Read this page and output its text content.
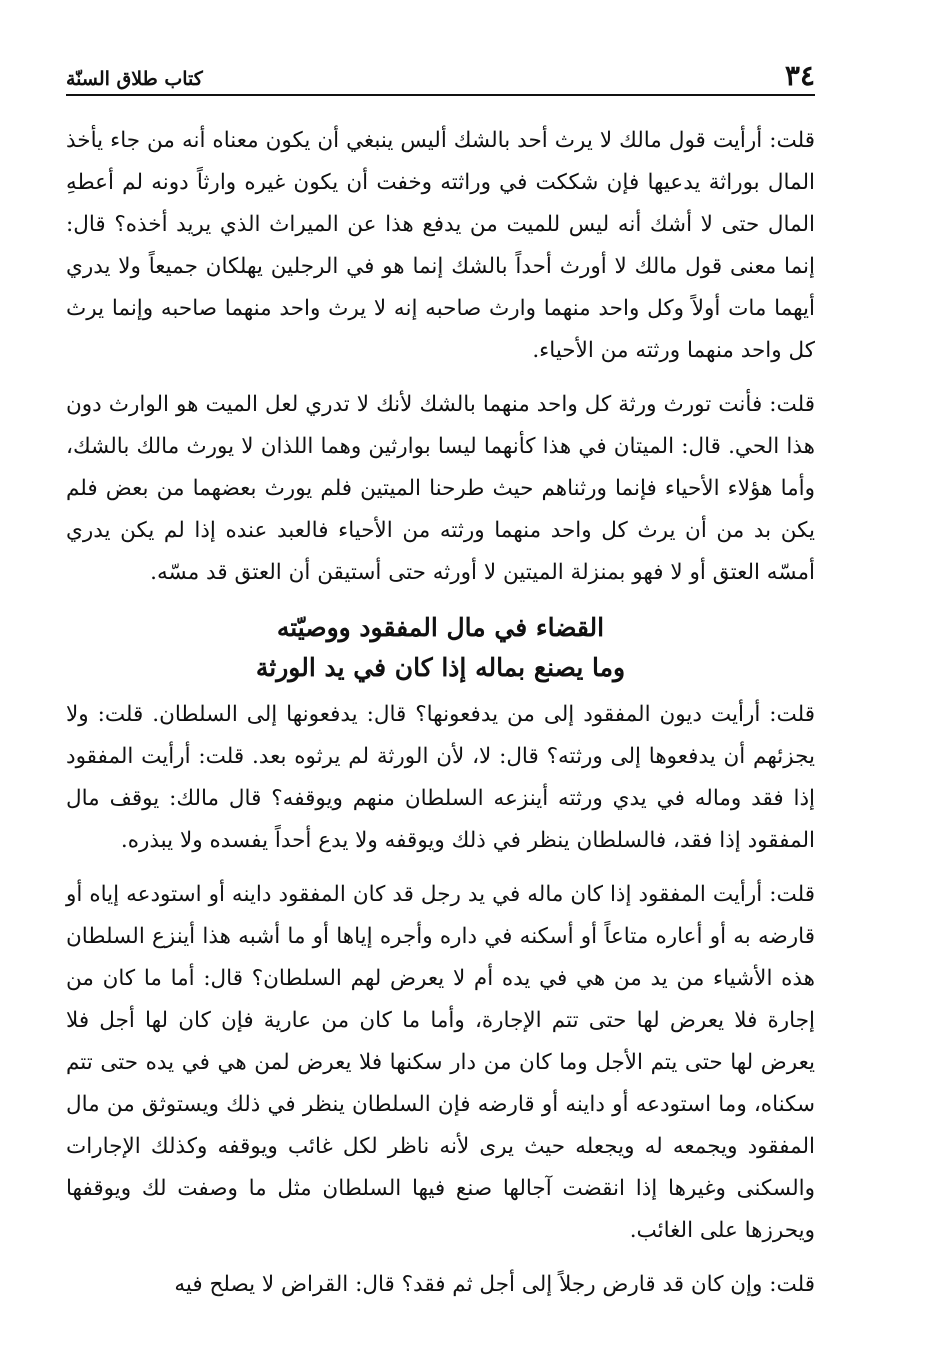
٣٤
كتاب طلاق السنّة

قلت: أرأيت قول مالك لا يرث أحد بالشك أليس ينبغي أن يكون معناه أنه من جاء يأخذ المال بوراثة يدعيها فإن شككت في وراثته وخفت أن يكون غيره وارثاً دونه لم أعطهِ المال حتى لا أشك أنه ليس للميت من يدفع هذا عن الميراث الذي يريد أخذه؟ قال: إنما معنى قول مالك لا أورث أحداً بالشك إنما هو في الرجلين يهلكان جميعاً ولا يدري أيهما مات أولاً وكل واحد منهما وارث صاحبه إنه لا يرث واحد منهما صاحبه وإنما يرث كل واحد منهما ورثته من الأحياء.

قلت: فأنت تورث ورثة كل واحد منهما بالشك لأنك لا تدري لعل الميت هو الوارث دون هذا الحي. قال: الميتان في هذا كأنهما ليسا بوارثين وهما اللذان لا يورث مالك بالشك، وأما هؤلاء الأحياء فإنما ورثناهم حيث طرحنا الميتين فلم يورث بعضهما من بعض فلم يكن بد من أن يرث كل واحد منهما ورثته من الأحياء فالعبد عنده إذا لم يكن يدري أمسّه العتق أو لا فهو بمنزلة الميتين لا أورثه حتى أستيقن أن العتق قد مسّه.

القضاء في مال المفقود ووصيّته
وما يصنع بماله إذا كان في يد الورثة

قلت: أرأيت ديون المفقود إلى من يدفعونها؟ قال: يدفعونها إلى السلطان. قلت: ولا يجزئهم أن يدفعوها إلى ورثته؟ قال: لا، لأن الورثة لم يرثوه بعد. قلت: أرأيت المفقود إذا فقد وماله في يدي ورثته أينزعه السلطان منهم ويوقفه؟ قال مالك: يوقف مال المفقود إذا فقد، فالسلطان ينظر في ذلك ويوقفه ولا يدع أحداً يفسده ولا يبذره.

قلت: أرأيت المفقود إذا كان ماله في يد رجل قد كان المفقود داينه أو استودعه إياه أو قارضه به أو أعاره متاعاً أو أسكنه في داره وأجره إياها أو ما أشبه هذا أينزع السلطان هذه الأشياء من يد من هي في يده أم لا يعرض لهم السلطان؟ قال: أما ما كان من إجارة فلا يعرض لها حتى تتم الإجارة، وأما ما كان من عارية فإن كان لها أجل فلا يعرض لها حتى يتم الأجل وما كان من دار سكنها فلا يعرض لمن هي في يده حتى تتم سكناه، وما استودعه أو داينه أو قارضه فإن السلطان ينظر في ذلك ويستوثق من مال المفقود ويجمعه له ويجعله حيث يرى لأنه ناظر لكل غائب ويوقفه وكذلك الإجارات والسكنى وغيرها إذا انقضت آجالها صنع فيها السلطان مثل ما وصفت لك ويوقفها ويحرزها على الغائب.

قلت: وإن كان قد قارض رجلاً إلى أجل ثم فقد؟ قال: القراض لا يصلح فيه
